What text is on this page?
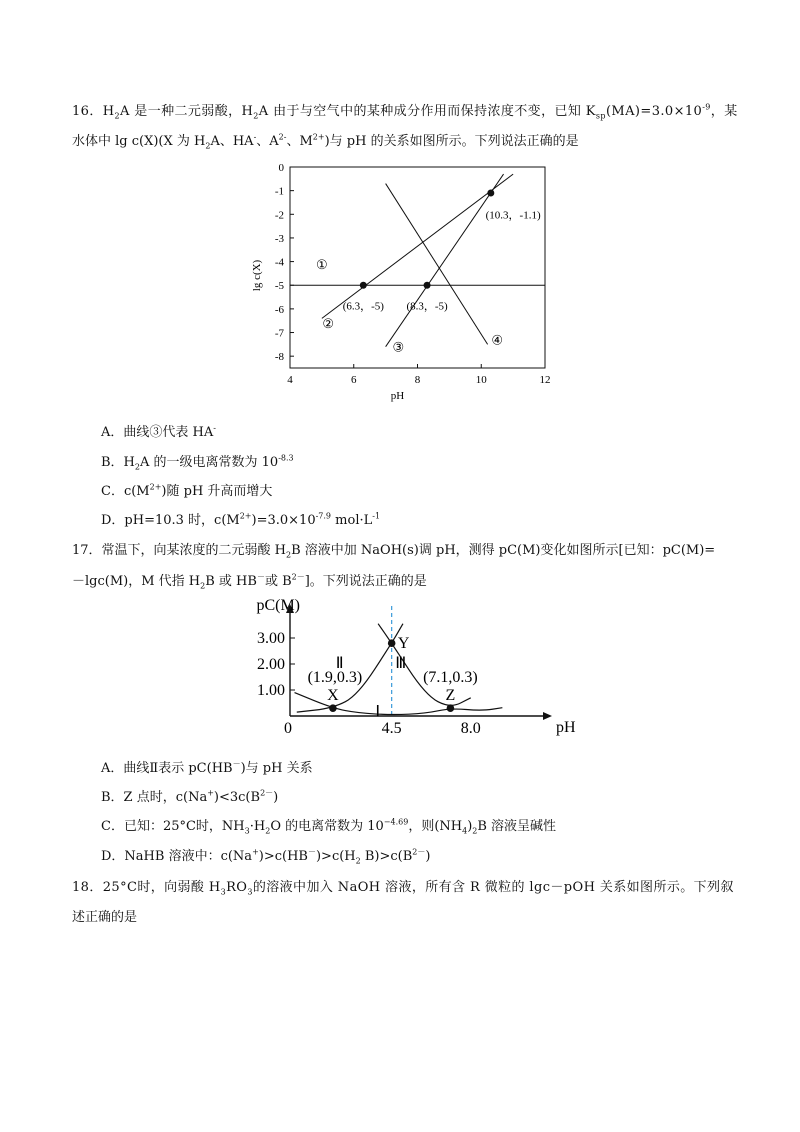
16．$H_2A$ 是一种二元弱酸，$H_2A$ 由于与空气中的某种成分作用而保持浓度不变，已知 $K_{sp}(MA)=3.0\times 10^{-9}$，某
水体中 lg c(X)(X 为 $H_2A$、HA-、$A^{2-}$、$M^{2+}$)与 pH 的关系如图所示。下列说法正确的是
4	6	8	10	12
0
-1
-2
-3
-4
-5
-6
-7
-8
pH
lg c(X)	①
②
③	④
(6.3，-5) (8.3，-5)
(10.3，-1.1)
A．曲线③代表 HA-
B．$H_2A$ 的一级电离常数为 $10^{-8.3}$
C．$c(M^{2+})$随 pH 升高而增大
D．pH=10.3 时，$c(M^{2+})=3.0\times 10^{-7.9}$ $mol\cdot L^{-1}$
17．常温下，向某浓度的二元弱酸 $H_2B$ 溶液中加 NaOH(s)调 pH，测得 pC(M)变化如图所示[已知：pC(M)=
－lgc(M)，M 代指 $H_2B$ 或 HB－或 $B^{2-}$]。下列说法正确的是
pC(M)
pH
1.00
2.00
3.00
0	4.5	8.0
Ⅰ
Ⅱ	Ⅲ
X
(1.9,0.3)
Z
(7.1,0.3)
Y
A．曲线Ⅱ表示 pC(HB－)与 pH 关系
B．Z 点时，$c(Na^+)<3c(B^{2-})$
C．已知：25°C时，$NH_3\cdot H_2O$ 的电离常数为 $10^{-4.69}$，则$(NH_4)_2B$ 溶液呈碱性
D．NaHB 溶液中：$c(Na^+)>c(HB^-)>c(H_2$ $B)>c(B^{2-})$
18．25°C时，向弱酸 $H_3RO_3$的溶液中加入 NaOH 溶液，所有含 R 微粒的 lgc－pOH 关系如图所示。下列叙
述正确的是
